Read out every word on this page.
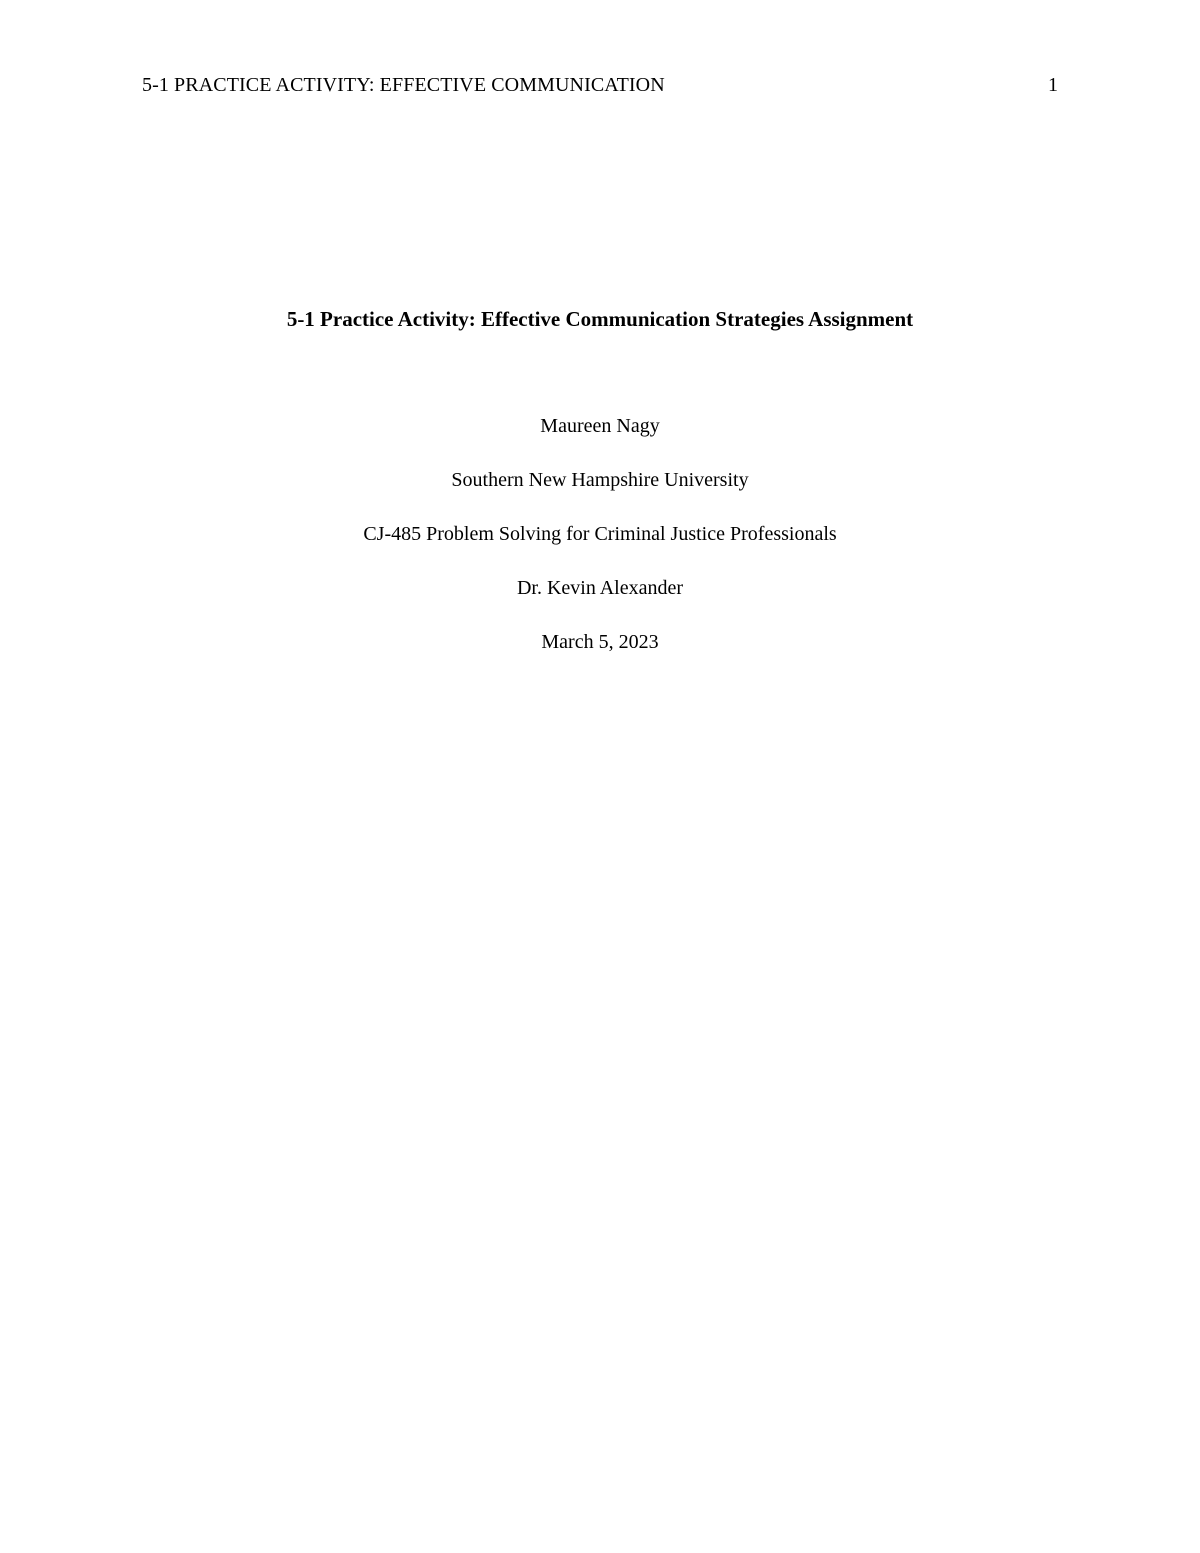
5-1 PRACTICE ACTIVITY: EFFECTIVE COMMUNICATION	1
5-1 Practice Activity: Effective Communication Strategies Assignment
Maureen Nagy
Southern New Hampshire University
CJ-485 Problem Solving for Criminal Justice Professionals
Dr. Kevin Alexander
March 5, 2023
